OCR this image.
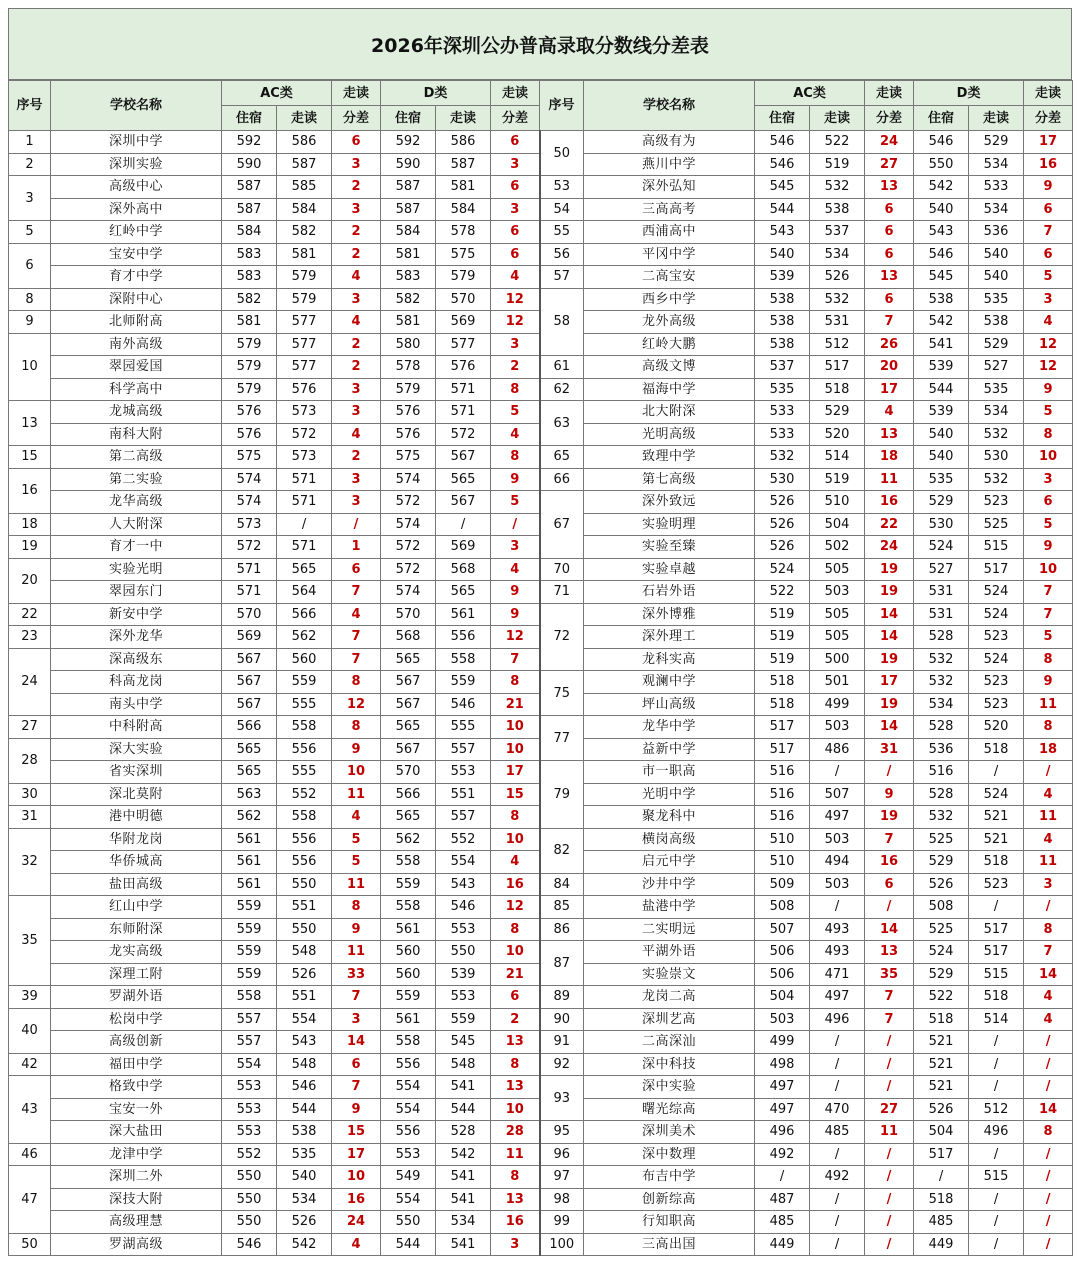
2026年深圳公办普高录取分数线分差表
序号	学校名称	AC类		走读	D类		走读	序号	学校名称	AC类		走读	D类		走读
		住宿	走读	分差	住宿	走读	分差			住宿	走读	分差	住宿	走读	分差
1	深圳中学	592	586	6	592	586	6	50	高级有为	546	522	24	546	529	17
2	深圳实验	590	587	3	590	587	3		燕川中学	546	519	27	550	534	16
3	高级中心	587	585	2	587	581	6	53	深外弘知	545	532	13	542	533	9
	深外高中	587	584	3	587	584	3	54	三高高考	544	538	6	540	534	6
5	红岭中学	584	582	2	584	578	6	55	西浦高中	543	537	6	543	536	7
6	宝安中学	583	581	2	581	575	6	56	平冈中学	540	534	6	546	540	6
	育才中学	583	579	4	583	579	4	57	二高宝安	539	526	13	545	540	5
8	深附中心	582	579	3	582	570	12	58	西乡中学	538	532	6	538	535	3
9	北师附高	581	577	4	581	569	12		龙外高级	538	531	7	542	538	4
10	南外高级	579	577	2	580	577	3		红岭大鹏	538	512	26	541	529	12
	翠园爱国	579	577	2	578	576	2	61	高级文博	537	517	20	539	527	12
	科学高中	579	576	3	579	571	8	62	福海中学	535	518	17	544	535	9
13	龙城高级	576	573	3	576	571	5	63	北大附深	533	529	4	539	534	5
	南科大附	576	572	4	576	572	4		光明高级	533	520	13	540	532	8
15	第二高级	575	573	2	575	567	8	65	致理中学	532	514	18	540	530	10
16	第二实验	574	571	3	574	565	9	66	第七高级	530	519	11	535	532	3
	龙华高级	574	571	3	572	567	5	67	深外致远	526	510	16	529	523	6
18	人大附深	573	/	/	574	/	/		实验明理	526	504	22	530	525	5
19	育才一中	572	571	1	572	569	3		实验至臻	526	502	24	524	515	9
20	实验光明	571	565	6	572	568	4	70	实验卓越	524	505	19	527	517	10
	翠园东门	571	564	7	574	565	9	71	石岩外语	522	503	19	531	524	7
22	新安中学	570	566	4	570	561	9	72	深外博雅	519	505	14	531	524	7
23	深外龙华	569	562	7	568	556	12		深外理工	519	505	14	528	523	5
24	深高级东	567	560	7	565	558	7		龙科实高	519	500	19	532	524	8
	科高龙岗	567	559	8	567	559	8	75	观澜中学	518	501	17	532	523	9
	南头中学	567	555	12	567	546	21		坪山高级	518	499	19	534	523	11
27	中科附高	566	558	8	565	555	10	77	龙华中学	517	503	14	528	520	8
28	深大实验	565	556	9	567	557	10		益新中学	517	486	31	536	518	18
	省实深圳	565	555	10	570	553	17	79	市一职高	516	/	/	516	/	/
30	深北莫附	563	552	11	566	551	15		光明中学	516	507	9	528	524	4
31	港中明德	562	558	4	565	557	8		聚龙科中	516	497	19	532	521	11
32	华附龙岗	561	556	5	562	552	10	82	横岗高级	510	503	7	525	521	4
	华侨城高	561	556	5	558	554	4		启元中学	510	494	16	529	518	11
	盐田高级	561	550	11	559	543	16	84	沙井中学	509	503	6	526	523	3
35	红山中学	559	551	8	558	546	12	85	盐港中学	508	/	/	508	/	/
	东师附深	559	550	9	561	553	8	86	二实明远	507	493	14	525	517	8
	龙实高级	559	548	11	560	550	10	87	平湖外语	506	493	13	524	517	7
	深理工附	559	526	33	560	539	21		实验崇文	506	471	35	529	515	14
39	罗湖外语	558	551	7	559	553	6	89	龙岗二高	504	497	7	522	518	4
40	松岗中学	557	554	3	561	559	2	90	深圳艺高	503	496	7	518	514	4
	高级创新	557	543	14	558	545	13	91	二高深汕	499	/	/	521	/	/
42	福田中学	554	548	6	556	548	8	92	深中科技	498	/	/	521	/	/
43	格致中学	553	546	7	554	541	13	93	深中实验	497	/	/	521	/	/
	宝安一外	553	544	9	554	544	10		曙光综高	497	470	27	526	512	14
	深大盐田	553	538	15	556	528	28	95	深圳美术	496	485	11	504	496	8
46	龙津中学	552	535	17	553	542	11	96	深中数理	492	/	/	517	/	/
47	深圳二外	550	540	10	549	541	8	97	布吉中学	/	492	/	/	515	/
	深技大附	550	534	16	554	541	13	98	创新综高	487	/	/	518	/	/
	高级理慧	550	526	24	550	534	16	99	行知职高	485	/	/	485	/	/
50	罗湖高级	546	542	4	544	541	3	100	三高出国	449	/	/	449	/	/
